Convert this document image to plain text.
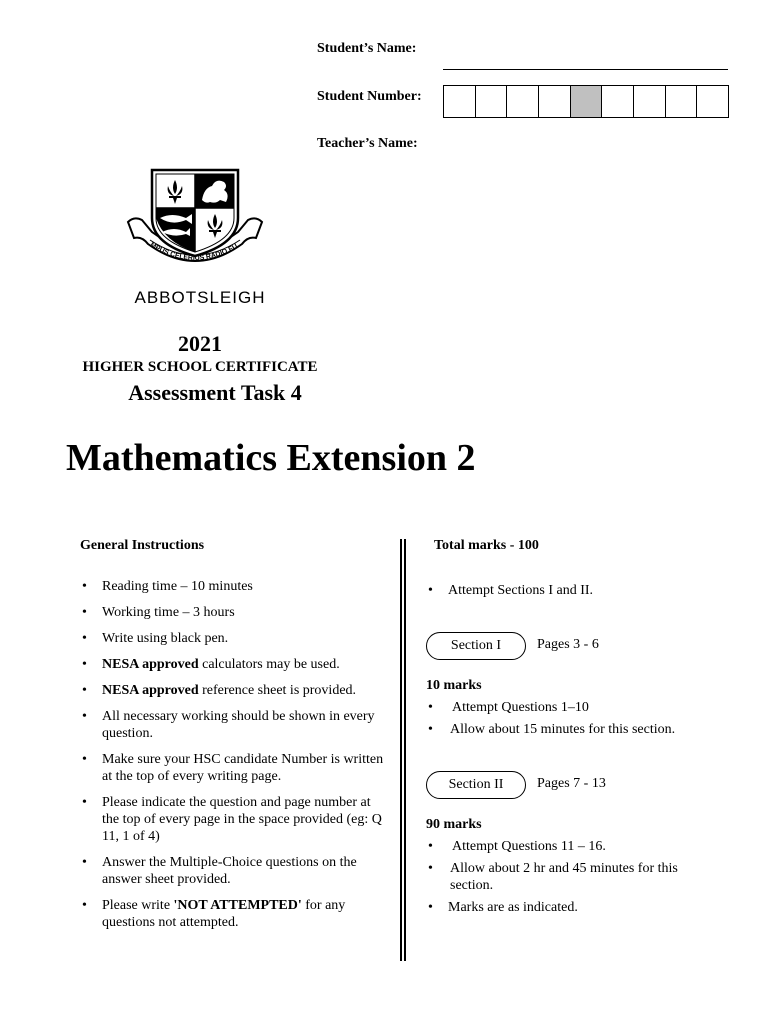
Student’s Name:
Student Number:
Teacher’s Name:
MPUS CELERIUS RADIO FU
ABBOTSLEIGH
2021
HIGHER SCHOOL CERTIFICATE
Assessment Task 4
Mathematics Extension 2
General Instructions
• Reading time – 10 minutes
• Working time – 3 hours
• Write using black pen.
• NESA approved calculators may be used.
• NESA approved reference sheet is provided.
• All necessary working should be shown in every question.
• Make sure your HSC candidate Number is written at the top of every writing page.
• Please indicate the question and page number at the top of every page in the space provided (eg: Q 11, 1 of 4)
• Answer the Multiple-Choice questions on the answer sheet provided.
• Please write 'NOT ATTEMPTED' for any questions not attempted.
Total marks - 100
• Attempt Sections I and II.
Section I	Pages 3 - 6
10 marks
• Attempt Questions 1–10
• Allow about 15 minutes for this section.
Section II	Pages 7 - 13
90 marks
• Attempt Questions 11 – 16.
• Allow about 2 hr and 45 minutes for this section.
• Marks are as indicated.
